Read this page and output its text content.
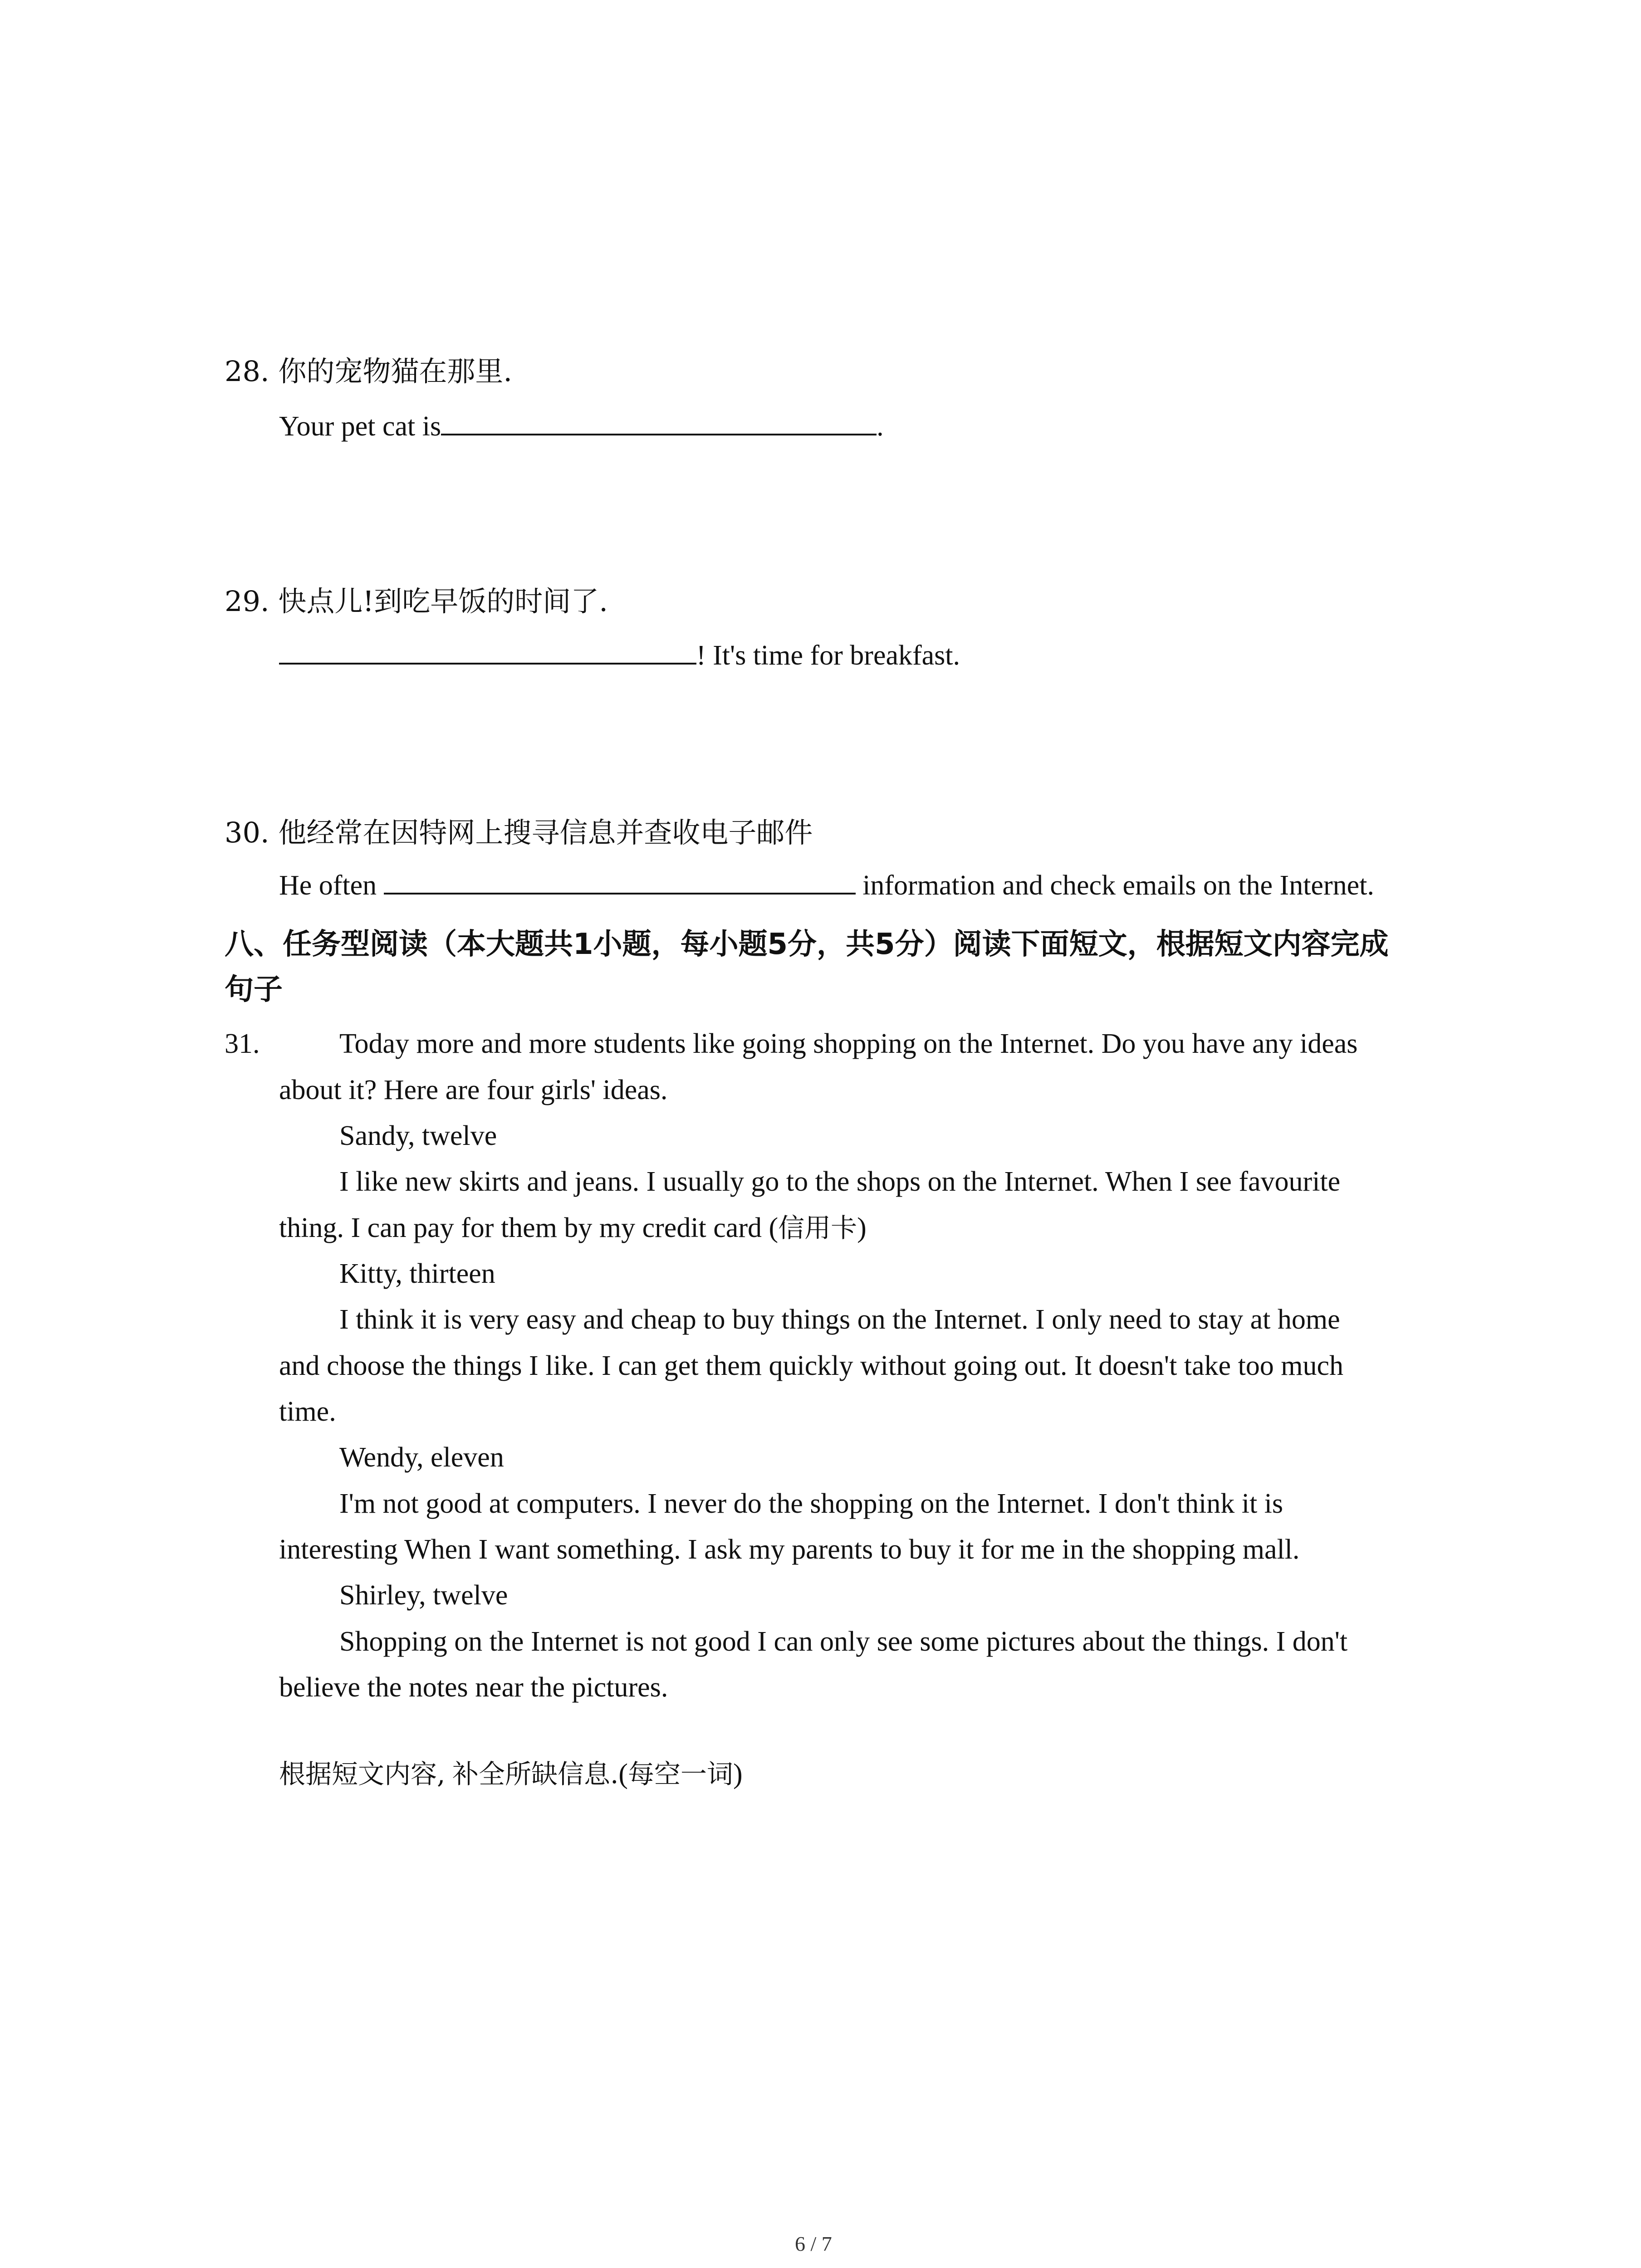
28. 你的宠物猫在那里.
Your pet cat is	.
29. 快点儿!到吃早饭的时间了.
! It's time for breakfast.
30. 他经常在因特网上搜寻信息并查收电子邮件
He often	information and check emails on the Internet.
八、任务型阅读（本大题共1小题，每小题5分，共5分）阅读下面短文，根据短文内容完成
句子
31.	Today more and more students like going shopping on the Internet. Do you have any ideas
about it? Here are four girls' ideas.
Sandy, twelve
I like new skirts and jeans. I usually go to the shops on the Internet. When I see favourite
thing. I can pay for them by my credit card (信用卡)
Kitty, thirteen
I think it is very easy and cheap to buy things on the Internet. I only need to stay at home
and choose the things I like. I can get them quickly without going out. It doesn't take too much
time.
Wendy, eleven
I'm not good at computers. I never do the shopping on the Internet. I don't think it is
interesting When I want something. I ask my parents to buy it for me in the shopping mall.
Shirley, twelve
Shopping on the Internet is not good I can only see some pictures about the things. I don't
believe the notes near the pictures.
根据短文内容, 补全所缺信息.(每空一词)
6 / 7
